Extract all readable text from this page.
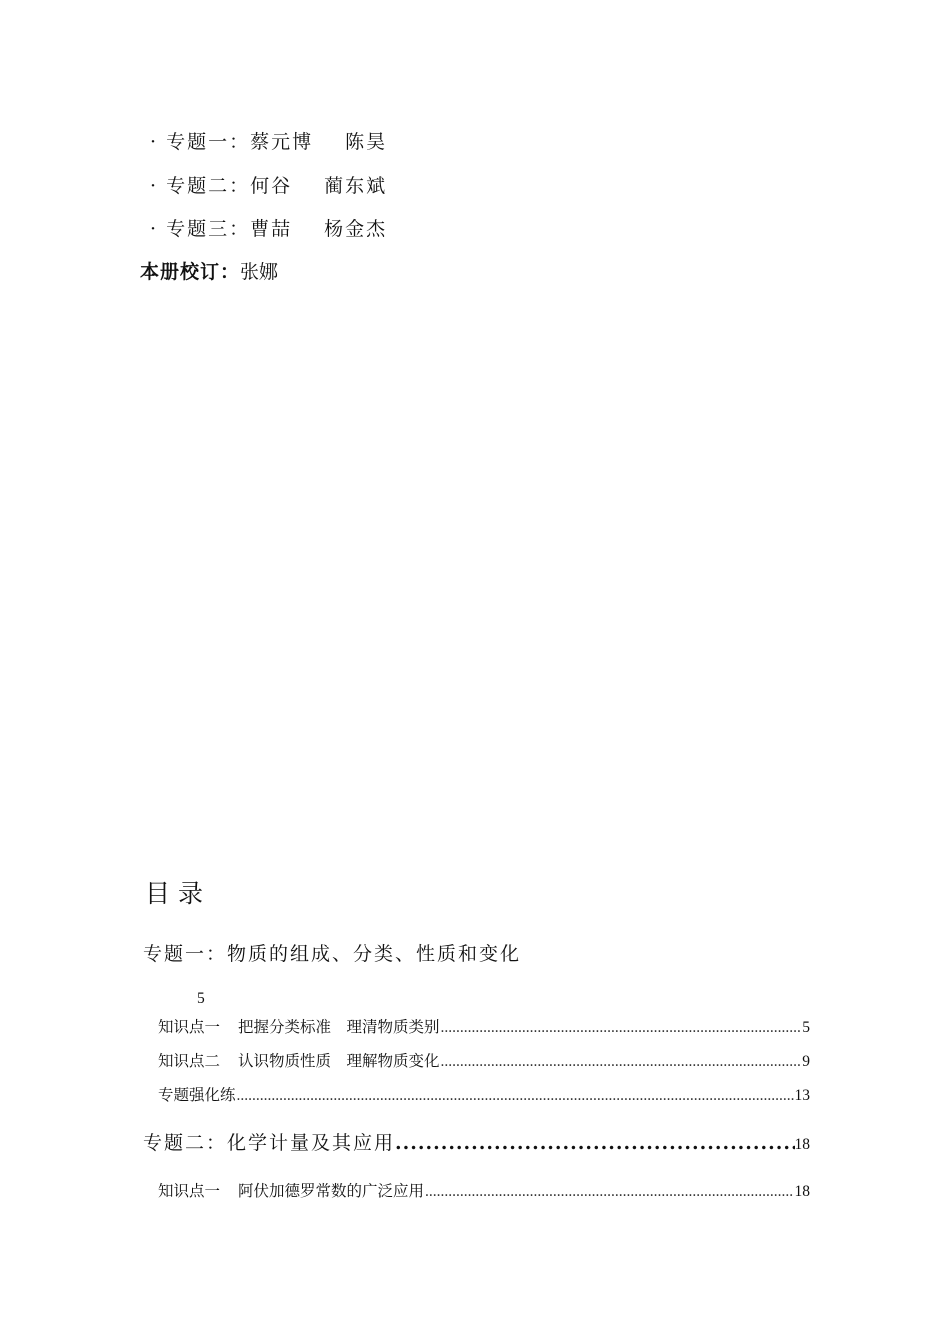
· 专题一：蔡元博 陈昊
· 专题二：何谷 蔺东斌
· 专题三：曹喆 杨金杰
本册校订：张娜
目录
专题一：物质的组成、分类、性质和变化
5
知识点一 把握分类标准　理清物质类别 .....	5
知识点二 认识物质性质　理解物质变化 .....	9
专题强化练 .....	13
专题二：化学计量及其应用 .....	18
知识点一 阿伏加德罗常数的广泛应用 .....	18
